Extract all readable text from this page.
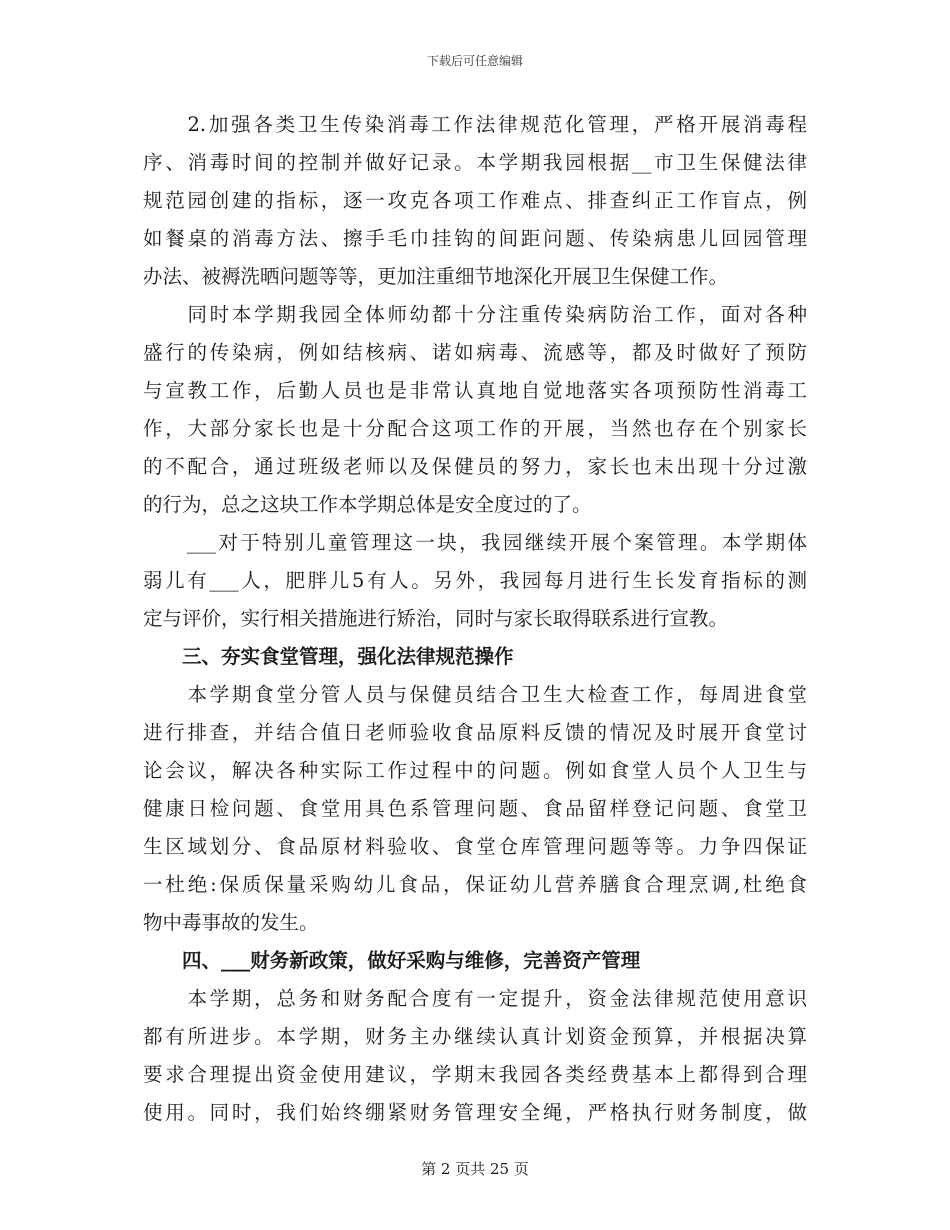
下载后可任意编辑
　　2.加强各类卫生传染消毒工作法律规范化管理，严格开展消毒程
序、消毒时间的控制并做好记录。本学期我园根据__市卫生保健法律
规范园创建的指标，逐一攻克各项工作难点、排查纠正工作盲点，例
如餐桌的消毒方法、擦手毛巾挂钩的间距问题、传染病患儿回园管理
办法、被褥洗晒问题等等，更加注重细节地深化开展卫生保健工作。
　　同时本学期我园全体师幼都十分注重传染病防治工作，面对各种
盛行的传染病，例如结核病、诺如病毒、流感等，都及时做好了预防
与宣教工作，后勤人员也是非常认真地自觉地落实各项预防性消毒工
作，大部分家长也是十分配合这项工作的开展，当然也存在个别家长
的不配合，通过班级老师以及保健员的努力，家长也未出现十分过激
的行为，总之这块工作本学期总体是安全度过的了。
　　___对于特别儿童管理这一块，我园继续开展个案管理。本学期体
弱儿有___人，肥胖儿5有人。另外，我园每月进行生长发育指标的测
定与评价，实行相关措施进行矫治，同时与家长取得联系进行宣教。
　　三、夯实食堂管理，强化法律规范操作
　　本学期食堂分管人员与保健员结合卫生大检查工作，每周进食堂
进行排查，并结合值日老师验收食品原料反馈的情况及时展开食堂讨
论会议，解决各种实际工作过程中的问题。例如食堂人员个人卫生与
健康日检问题、食堂用具色系管理问题、食品留样登记问题、食堂卫
生区域划分、食品原材料验收、食堂仓库管理问题等等。力争四保证
一杜绝:保质保量采购幼儿食品，保证幼儿营养膳食合理烹调,杜绝食
物中毒事故的发生。
　　四、___财务新政策，做好采购与维修，完善资产管理
　　本学期，总务和财务配合度有一定提升，资金法律规范使用意识
都有所进步。本学期，财务主办继续认真计划资金预算，并根据决算
要求合理提出资金使用建议，学期末我园各类经费基本上都得到合理
使用。同时，我们始终绷紧财务管理安全绳，严格执行财务制度，做
第 2 页共 25 页
